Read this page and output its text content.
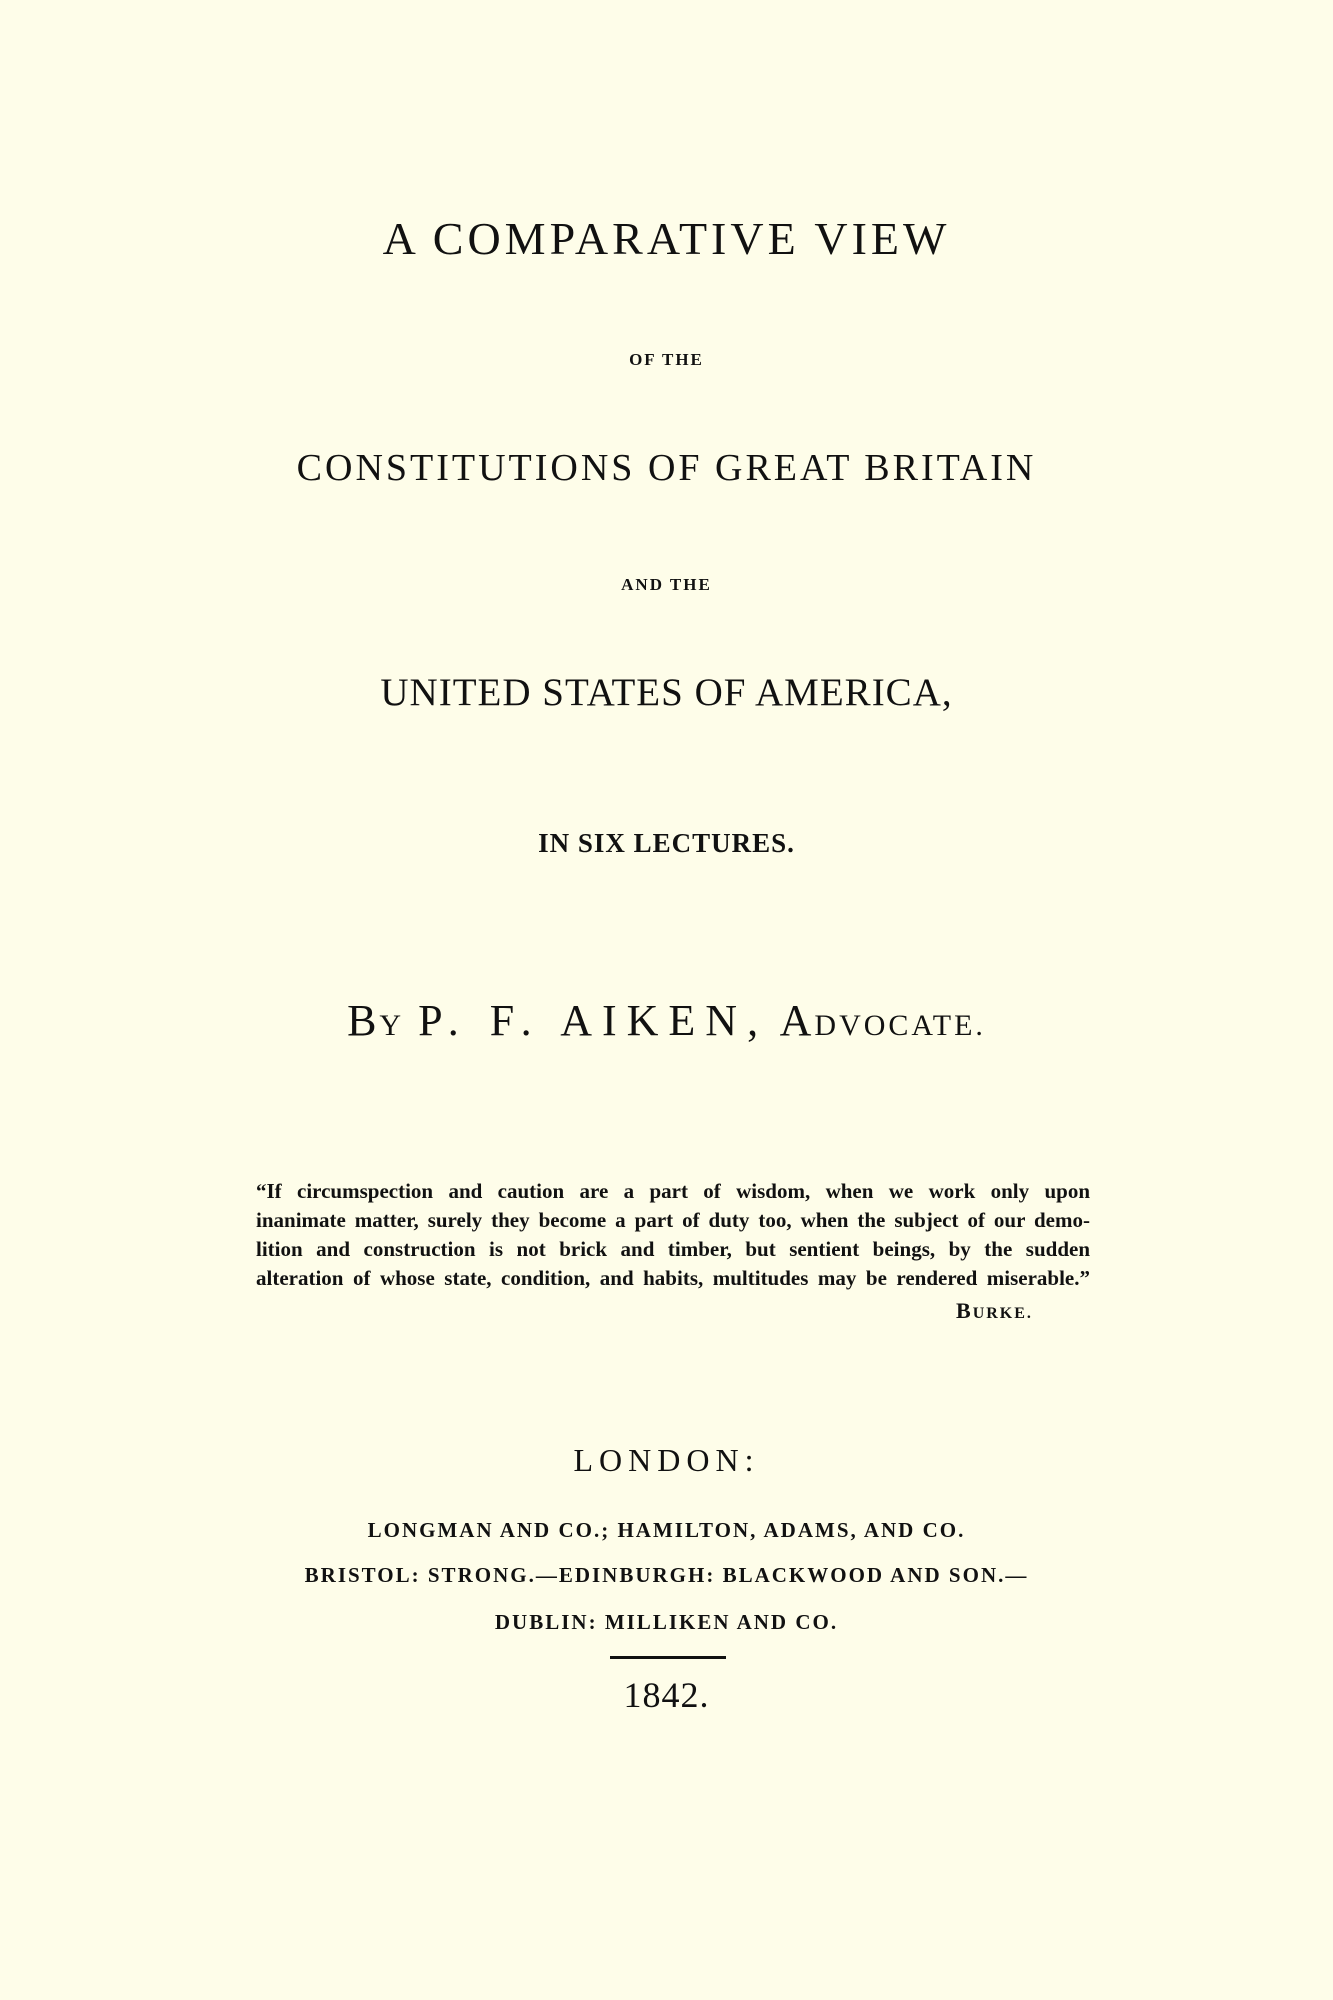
A COMPARATIVE VIEW
OF THE
CONSTITUTIONS OF GREAT BRITAIN
AND THE
UNITED STATES OF AMERICA,
IN SIX LECTURES.
BY P. F. AIKEN, ADVOCATE.
“If circumspection and caution are a part of wisdom, when we work only upon
inanimate matter, surely they become a part of duty too, when the subject of our demo-
lition and construction is not brick and timber, but sentient beings, by the sudden
alteration of whose state, condition, and habits, multitudes may be rendered miserable.”
BURKE.
LONDON:
LONGMAN AND CO.; HAMILTON, ADAMS, AND CO.
BRISTOL: STRONG.—EDINBURGH: BLACKWOOD AND SON.—
DUBLIN: MILLIKEN AND CO.
1842.
